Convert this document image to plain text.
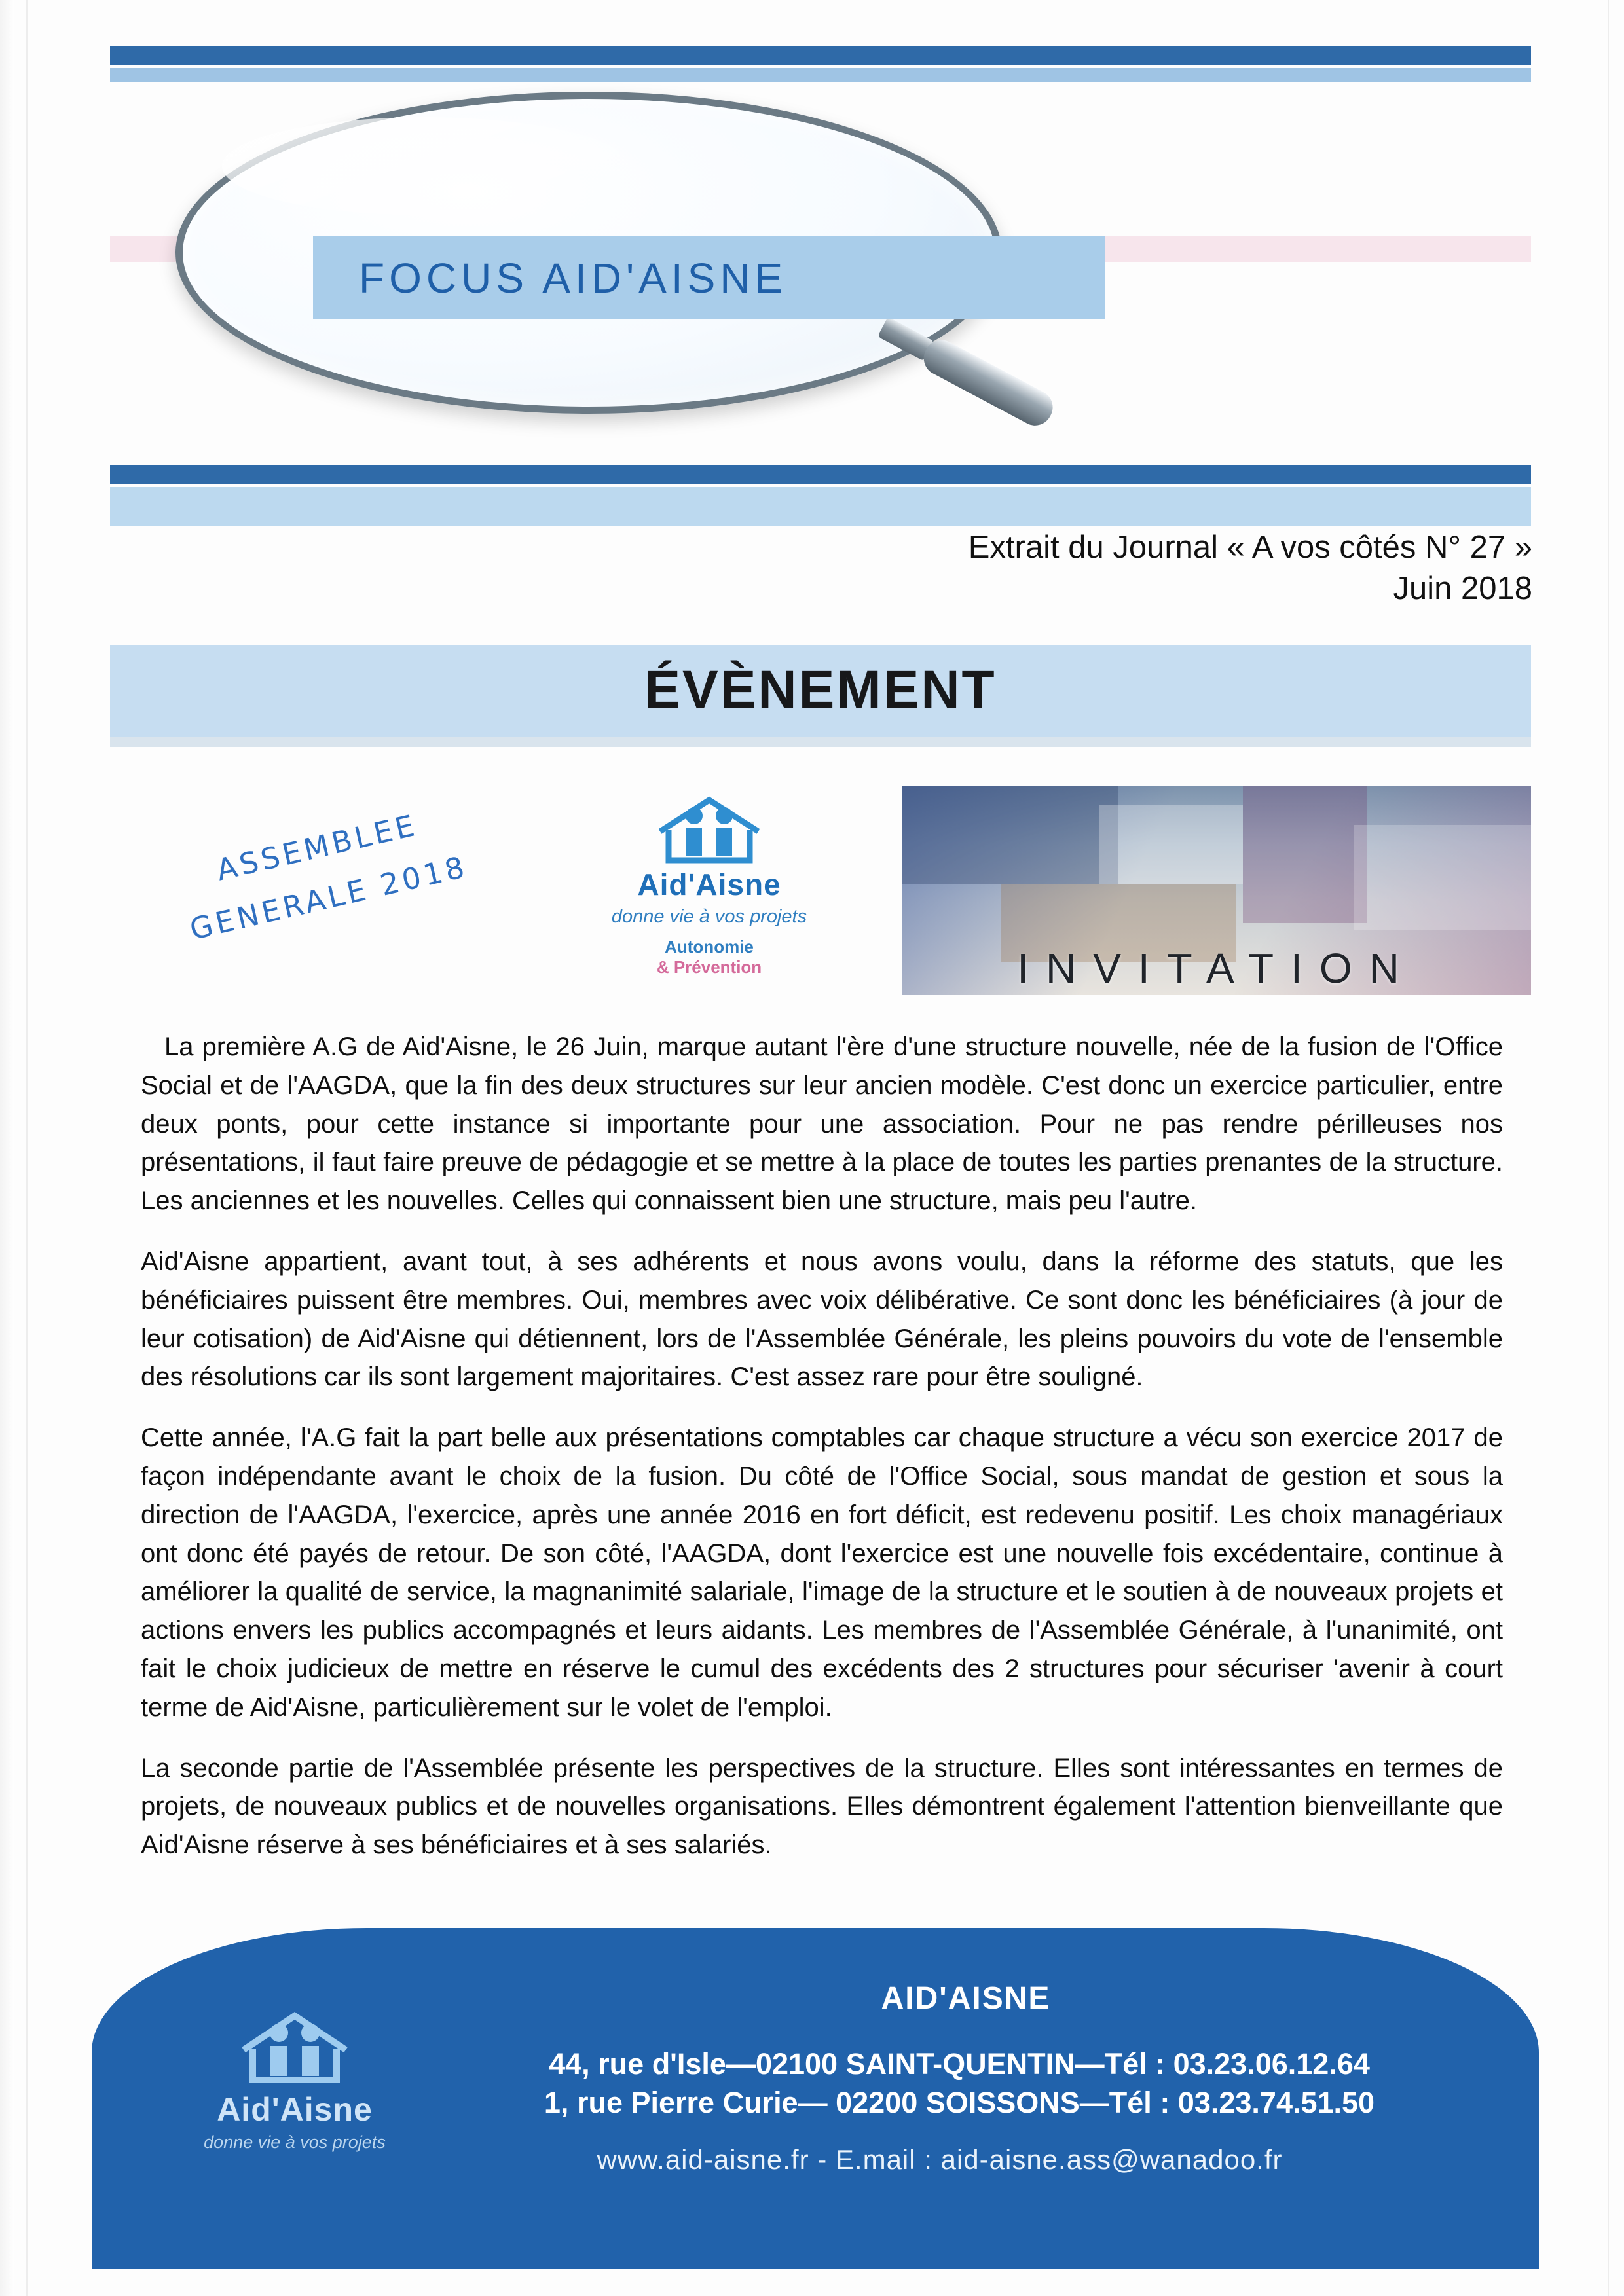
FOCUS AID'AISNE
Extrait du Journal « A vos côtés N° 27 »
Juin 2018
ÉVÈNEMENT
ASSEMBLEE GENERALE 2018	Aid'Aisne
donne vie à vos projets
Autonomie
& Prévention	INVITATION

La première A.G de Aid'Aisne, le 26 Juin, marque autant l'ère d'une structure nouvelle, née de la fusion de l'Office Social et de l'AAGDA, que la fin des deux structures sur leur ancien modèle. C'est donc un exercice particulier, entre deux ponts, pour cette instance si importante pour une association. Pour ne pas rendre périlleuses nos présentations, il faut faire preuve de pédagogie et se mettre à la place de toutes les parties prenantes de la structure. Les anciennes et les nouvelles. Celles qui connaissent bien une structure, mais peu l'autre.

Aid'Aisne appartient, avant tout, à ses adhérents et nous avons voulu, dans la réforme des statuts, que les bénéficiaires puissent être membres. Oui, membres avec voix délibérative. Ce sont donc les bénéficiaires (à jour de leur cotisation) de Aid'Aisne qui détiennent, lors de l'Assemblée Générale, les pleins pouvoirs du vote de l'ensemble des résolutions car ils sont largement majoritaires. C'est assez rare pour être souligné.

Cette année, l'A.G fait la part belle aux présentations comptables car chaque structure a vécu son exercice 2017 de façon indépendante avant le choix de la fusion. Du côté de l'Office Social, sous mandat de gestion et sous la direction de l'AAGDA, l'exercice, après une année 2016 en fort déficit, est redevenu positif. Les choix managériaux ont donc été payés de retour. De son côté, l'AAGDA, dont l'exercice est une nouvelle fois excédentaire, continue à améliorer la qualité de service, la magnanimité salariale, l'image de la structure et le soutien à de nouveaux projets et actions envers les publics accompagnés et leurs aidants. Les membres de l'Assemblée Générale, à l'unanimité, ont fait le choix judicieux de mettre en réserve le cumul des excédents des 2 structures pour sécuriser 'avenir à court terme de Aid'Aisne, particulièrement sur le volet de l'emploi.

La seconde partie de l'Assemblée présente les perspectives de la structure. Elles sont intéressantes en termes de projets, de nouveaux publics et de nouvelles organisations. Elles démontrent également l'attention bienveillante que Aid'Aisne réserve à ses bénéficiaires et à ses salariés.

Aid'Aisne
donne vie à vos projets
AID'AISNE
44, rue d'Isle—02100 SAINT-QUENTIN—Tél : 03.23.06.12.64
1, rue Pierre Curie— 02200 SOISSONS—Tél : 03.23.74.51.50
www.aid-aisne.fr - E.mail : aid-aisne.ass@wanadoo.fr
